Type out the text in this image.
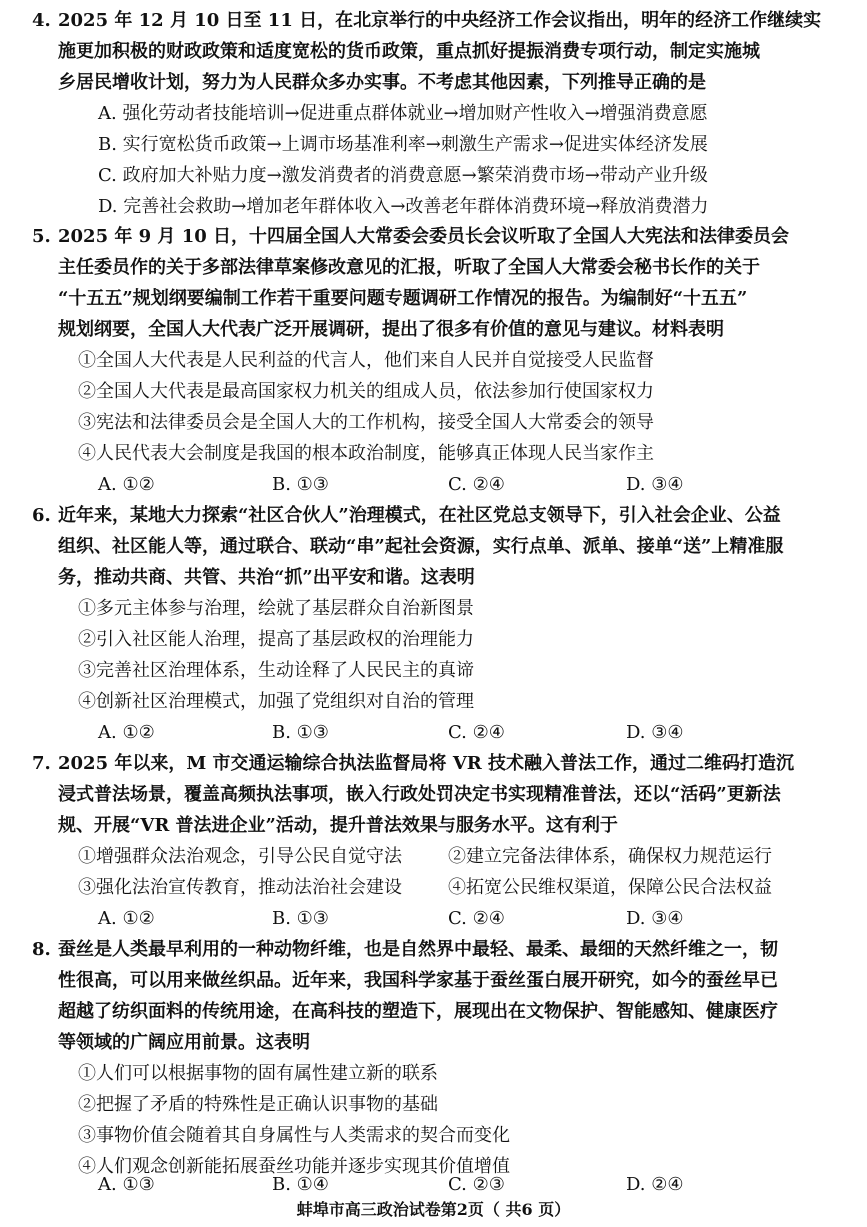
4. 2025 年 12 月 10 日至 11 日，在北京举行的中央经济工作会议指出，明年的经济工作继续实
施更加积极的财政政策和适度宽松的货币政策，重点抓好提振消费专项行动，制定实施城
乡居民增收计划，努力为人民群众多办实事。不考虑其他因素，下列推导正确的是
A. 强化劳动者技能培训→促进重点群体就业→增加财产性收入→增强消费意愿
B. 实行宽松货币政策→上调市场基准利率→刺激生产需求→促进实体经济发展
C. 政府加大补贴力度→激发消费者的消费意愿→繁荣消费市场→带动产业升级
D. 完善社会救助→增加老年群体收入→改善老年群体消费环境→释放消费潜力
5. 2025 年 9 月 10 日，十四届全国人大常委会委员长会议听取了全国人大宪法和法律委员会
主任委员作的关于多部法律草案修改意见的汇报，听取了全国人大常委会秘书长作的关于
“十五五”规划纲要编制工作若干重要问题专题调研工作情况的报告。为编制好“十五五”
规划纲要，全国人大代表广泛开展调研，提出了很多有价值的意见与建议。材料表明
①全国人大代表是人民利益的代言人，他们来自人民并自觉接受人民监督
②全国人大代表是最高国家权力机关的组成人员，依法参加行使国家权力
③宪法和法律委员会是全国人大的工作机构，接受全国人大常委会的领导
④人民代表大会制度是我国的根本政治制度，能够真正体现人民当家作主
A. ①②	B. ①③	C. ②④	D. ③④
6. 近年来，某地大力探索“社区合伙人”治理模式，在社区党总支领导下，引入社会企业、公益
组织、社区能人等，通过联合、联动“串”起社会资源，实行点单、派单、接单“送”上精准服
务，推动共商、共管、共治“抓”出平安和谐。这表明
①多元主体参与治理，绘就了基层群众自治新图景
②引入社区能人治理，提高了基层政权的治理能力
③完善社区治理体系，生动诠释了人民民主的真谛
④创新社区治理模式，加强了党组织对自治的管理
A. ①②	B. ①③	C. ②④	D. ③④
7. 2025 年以来，M 市交通运输综合执法监督局将 VR 技术融入普法工作，通过二维码打造沉
浸式普法场景，覆盖高频执法事项，嵌入行政处罚决定书实现精准普法，还以“活码”更新法
规、开展“VR 普法进企业”活动，提升普法效果与服务水平。这有利于
①增强群众法治观念，引导公民自觉守法	②建立完备法律体系，确保权力规范运行
③强化法治宣传教育，推动法治社会建设	④拓宽公民维权渠道，保障公民合法权益
A. ①②	B. ①③	C. ②④	D. ③④
8. 蚕丝是人类最早利用的一种动物纤维，也是自然界中最轻、最柔、最细的天然纤维之一，韧
性很高，可以用来做丝织品。近年来，我国科学家基于蚕丝蛋白展开研究，如今的蚕丝早已
超越了纺织面料的传统用途，在高科技的塑造下，展现出在文物保护、智能感知、健康医疗
等领域的广阔应用前景。这表明
①人们可以根据事物的固有属性建立新的联系
②把握了矛盾的特殊性是正确认识事物的基础
③事物价值会随着其自身属性与人类需求的契合而变化
④人们观念创新能拓展蚕丝功能并逐步实现其价值增值
A. ①③	B. ①④	C. ②③	D. ②④
蚌埠市高三政治试卷第2页（ 共6 页）
